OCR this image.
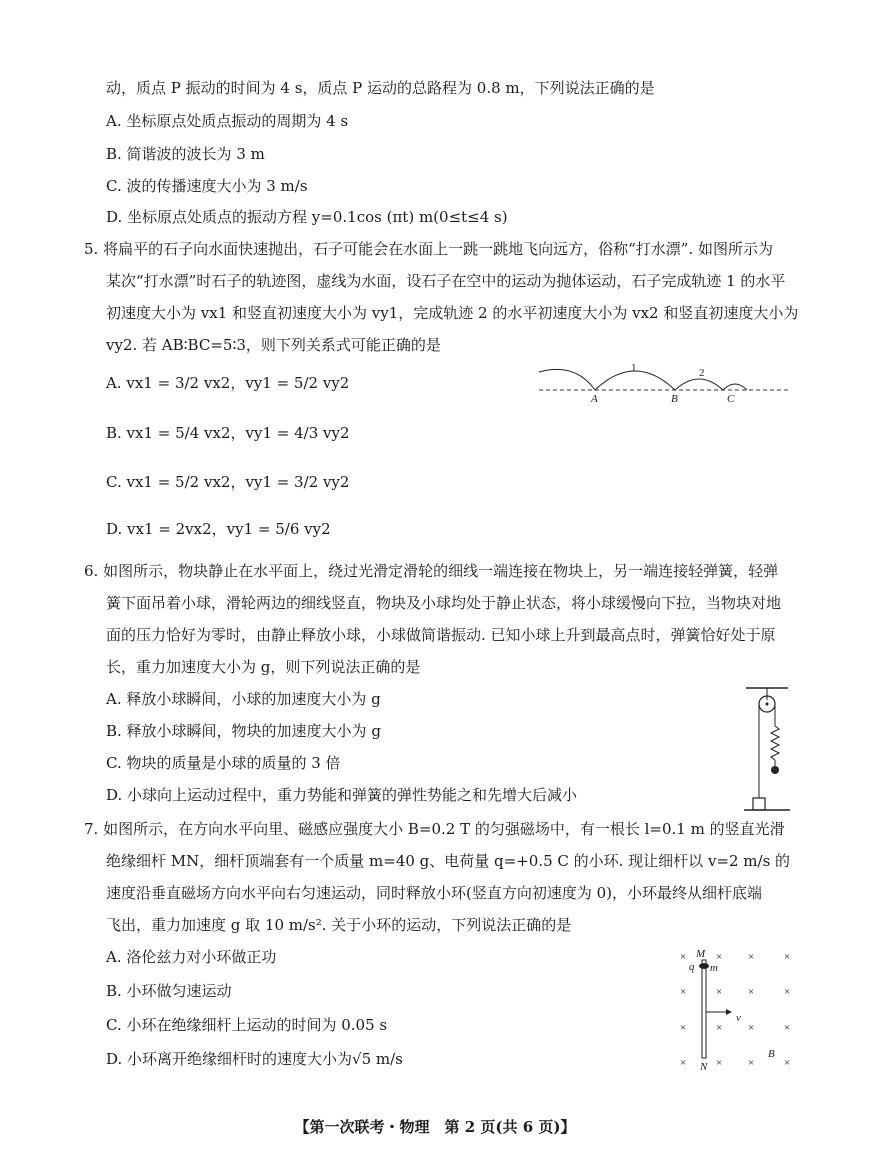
动，质点 P 振动的时间为 4 s，质点 P 运动的总路程为 0.8 m，下列说法正确的是
A. 坐标原点处质点振动的周期为 4 s
B. 简谐波的波长为 3 m
C. 波的传播速度大小为 3 m/s
D. 坐标原点处质点的振动方程 y=0.1cos (πt) m(0≤t≤4 s)
5. 将扁平的石子向水面快速抛出，石子可能会在水面上一跳一跳地飞向远方，俗称“打水漂”. 如图所示为
某次“打水漂”时石子的轨迹图，虚线为水面，设石子在空中的运动为抛体运动，石子完成轨迹 1 的水平
初速度大小为 vx1 和竖直初速度大小为 vy1，完成轨迹 2 的水平初速度大小为 vx2 和竖直初速度大小为
vy2. 若 AB∶BC=5∶3，则下列关系式可能正确的是
A. vx1 = 3/2 vx2，vy1 = 5/2 vy2
B. vx1 = 5/4 vx2，vy1 = 4/3 vy2
C. vx1 = 5/2 vx2，vy1 = 3/2 vy2
D. vx1 = 2vx2，vy1 = 5/6 vy2
1	2
A	B	C
6. 如图所示，物块静止在水平面上，绕过光滑定滑轮的细线一端连接在物块上，另一端连接轻弹簧，轻弹
簧下面吊着小球，滑轮两边的细线竖直，物块及小球均处于静止状态，将小球缓慢向下拉，当物块对地
面的压力恰好为零时，由静止释放小球，小球做简谐振动. 已知小球上升到最高点时，弹簧恰好处于原
长，重力加速度大小为 g，则下列说法正确的是
A. 释放小球瞬间，小球的加速度大小为 g
B. 释放小球瞬间，物块的加速度大小为 g
C. 物块的质量是小球的质量的 3 倍
D. 小球向上运动过程中，重力势能和弹簧的弹性势能之和先增大后减小
7. 如图所示，在方向水平向里、磁感应强度大小 B=0.2 T 的匀强磁场中，有一根长 l=0.1 m 的竖直光滑
绝缘细杆 MN，细杆顶端套有一个质量 m=40 g、电荷量 q=+0.5 C 的小环. 现让细杆以 v=2 m/s 的
速度沿垂直磁场方向水平向右匀速运动，同时释放小环(竖直方向初速度为 0)，小环最终从细杆底端
飞出，重力加速度 g 取 10 m/s². 关于小环的运动，下列说法正确的是
A. 洛伦兹力对小环做正功
B. 小环做匀速运动
C. 小环在绝缘细杆上运动的时间为 0.05 s
D. 小环离开绝缘细杆时的速度大小为√5 m/s
×	× ×	×
×	× ×	×
×	× ×	×
×	× ×	×
M
q m
N
v
B
【第一次联考・物理　第 2 页(共 6 页)】
